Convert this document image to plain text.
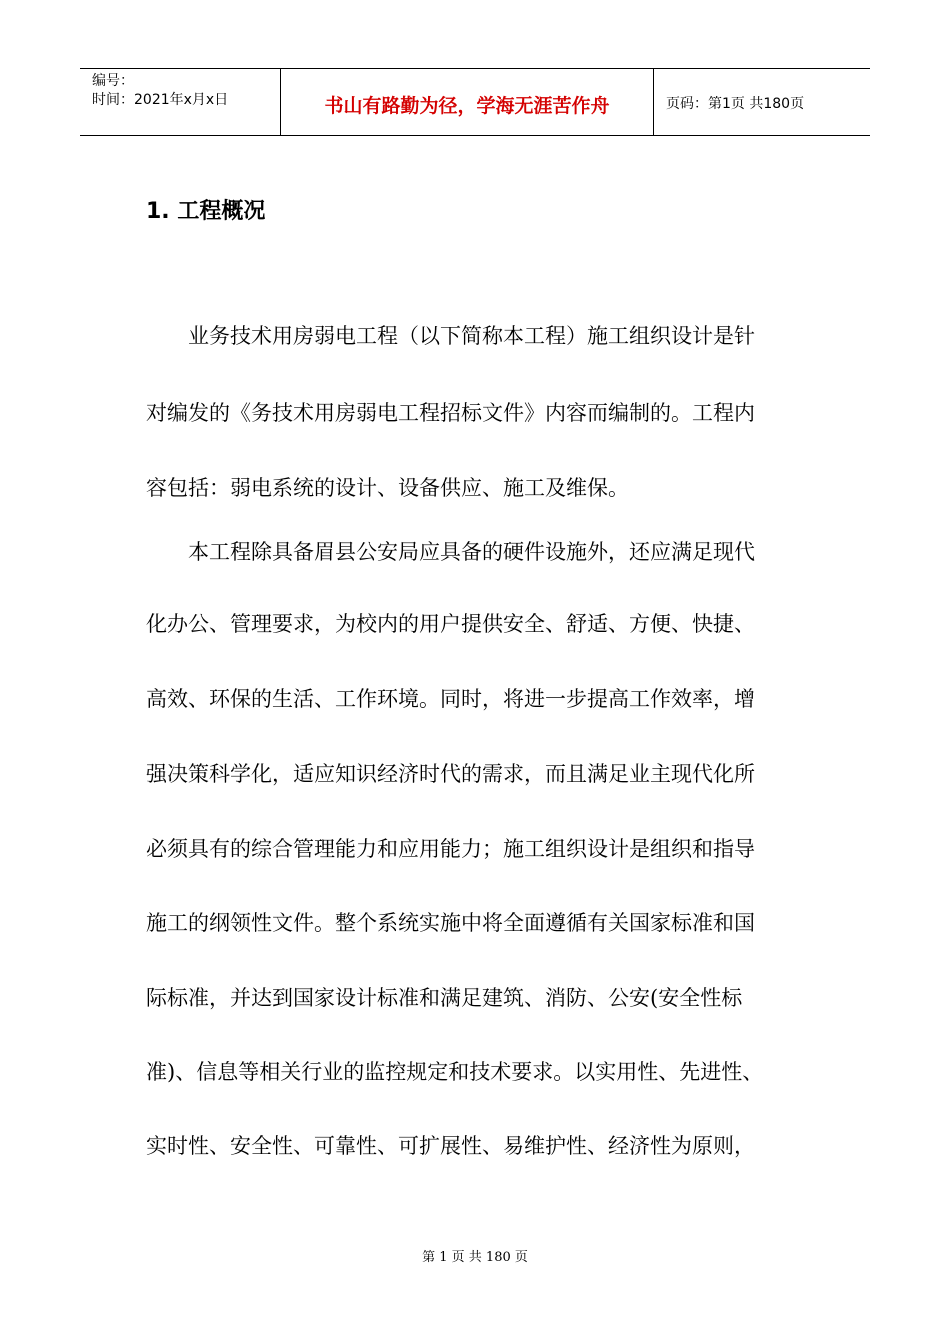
编号：
时间：2021年x月x日	书山有路勤为径，学海无涯苦作舟	页码：第1页 共180页
1. 工程概况
业务技术用房弱电工程（以下简称本工程）施工组织设计是针
对编发的《务技术用房弱电工程招标文件》内容而编制的。工程内
容包括：弱电系统的设计、设备供应、施工及维保。
本工程除具备眉县公安局应具备的硬件设施外，还应满足现代
化办公、管理要求，为校内的用户提供安全、舒适、方便、快捷、
高效、环保的生活、工作环境。同时，将进一步提高工作效率，增
强决策科学化，适应知识经济时代的需求，而且满足业主现代化所
必须具有的综合管理能力和应用能力；施工组织设计是组织和指导
施工的纲领性文件。整个系统实施中将全面遵循有关国家标准和国
际标准，并达到国家设计标准和满足建筑、消防、公安(安全性标
准)、信息等相关行业的监控规定和技术要求。以实用性、先进性、
实时性、安全性、可靠性、可扩展性、易维护性、经济性为原则，
第 1 页 共 180 页
